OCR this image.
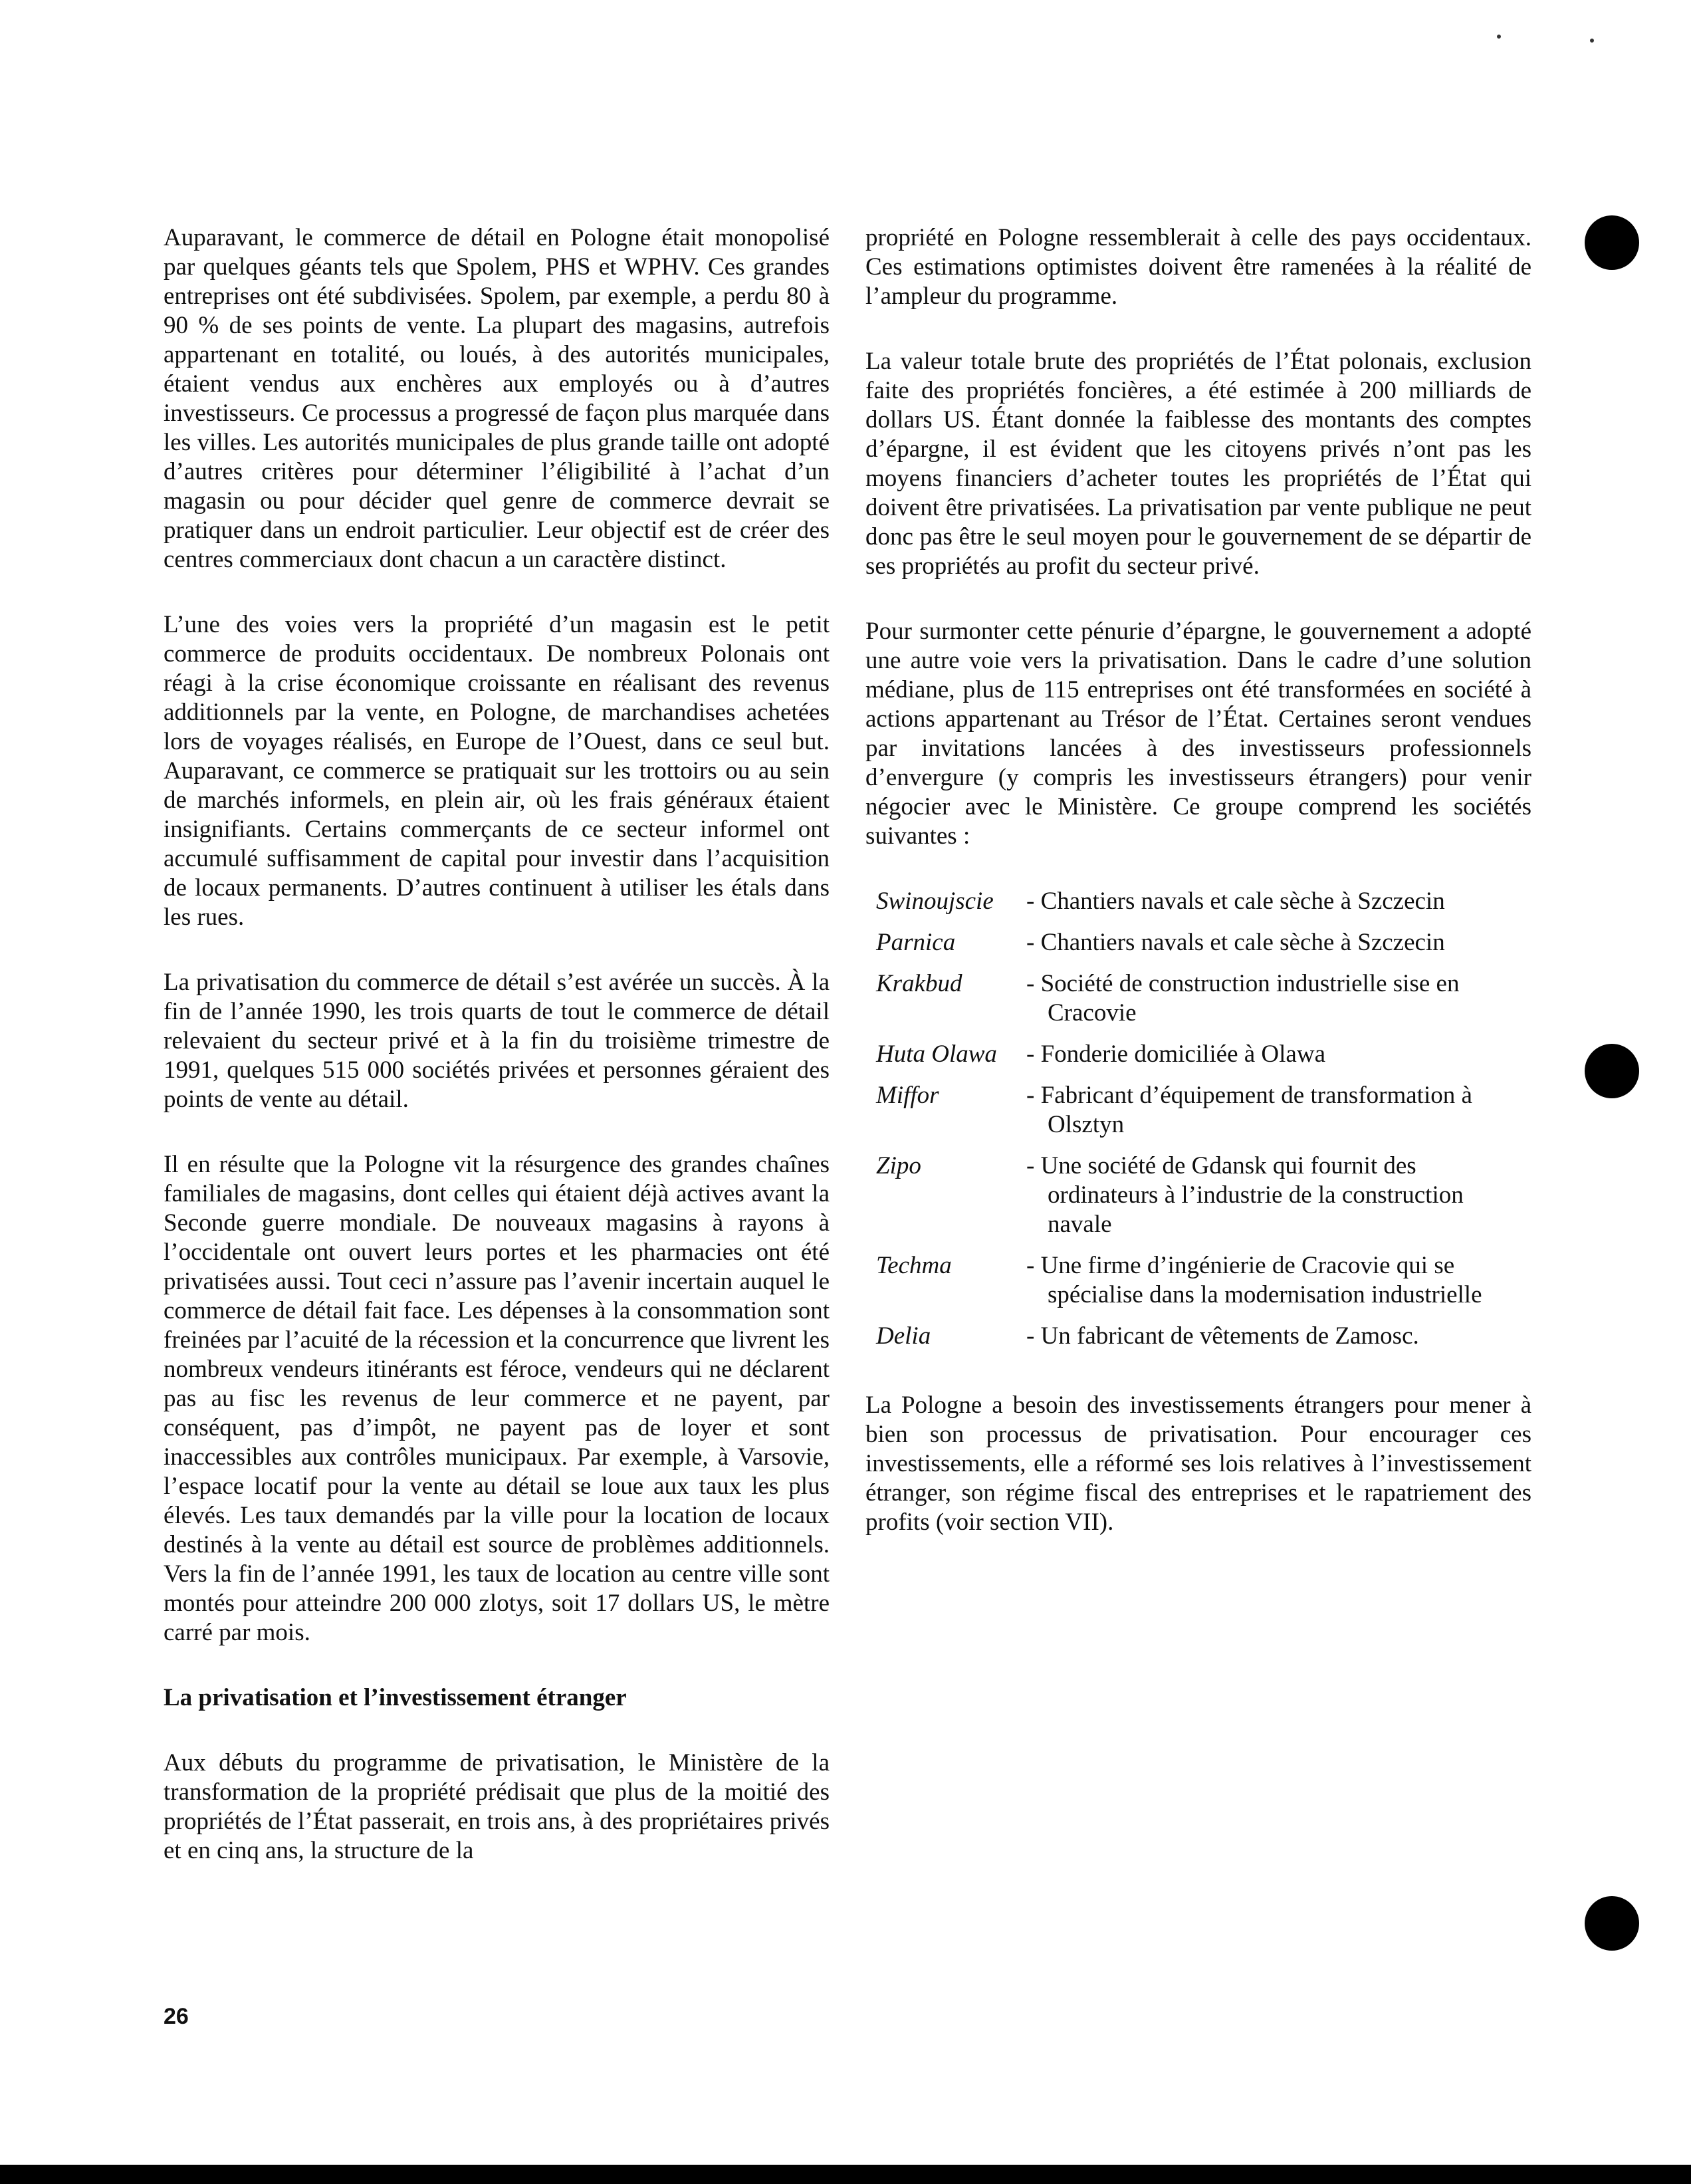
Auparavant, le commerce de détail en Pologne était monopolisé par quelques géants tels que Spolem, PHS et WPHV. Ces grandes entreprises ont été subdivisées. Spolem, par exemple, a perdu 80 à 90 % de ses points de vente. La plupart des magasins, autrefois appartenant en totalité, ou loués, à des autorités municipales, étaient vendus aux enchères aux employés ou à d’autres investisseurs. Ce processus a progressé de façon plus marquée dans les villes. Les autorités municipales de plus grande taille ont adopté d’autres critères pour déterminer l’éligibilité à l’achat d’un magasin ou pour décider quel genre de commerce devrait se pratiquer dans un endroit particulier. Leur objectif est de créer des centres commerciaux dont chacun a un caractère distinct.

L’une des voies vers la propriété d’un magasin est le petit commerce de produits occidentaux. De nombreux Polonais ont réagi à la crise économique croissante en réalisant des revenus additionnels par la vente, en Pologne, de marchandises achetées lors de voyages réalisés, en Europe de l’Ouest, dans ce seul but. Auparavant, ce commerce se pratiquait sur les trottoirs ou au sein de marchés informels, en plein air, où les frais généraux étaient insignifiants. Certains commerçants de ce secteur informel ont accumulé suffisamment de capital pour investir dans l’acquisition de locaux permanents. D’autres continuent à utiliser les étals dans les rues.

La privatisation du commerce de détail s’est avérée un succès. À la fin de l’année 1990, les trois quarts de tout le commerce de détail relevaient du secteur privé et à la fin du troisième trimestre de 1991, quelques 515 000 sociétés privées et personnes géraient des points de vente au détail.

Il en résulte que la Pologne vit la résurgence des grandes chaînes familiales de magasins, dont celles qui étaient déjà actives avant la Seconde guerre mondiale. De nouveaux magasins à rayons à l’occidentale ont ouvert leurs portes et les pharmacies ont été privatisées aussi. Tout ceci n’assure pas l’avenir incertain auquel le commerce de détail fait face. Les dépenses à la consommation sont freinées par l’acuité de la récession et la concurrence que livrent les nombreux vendeurs itinérants est féroce, vendeurs qui ne déclarent pas au fisc les revenus de leur commerce et ne payent, par conséquent, pas d’impôt, ne payent pas de loyer et sont inaccessibles aux contrôles municipaux. Par exemple, à Varsovie, l’espace locatif pour la vente au détail se loue aux taux les plus élevés. Les taux demandés par la ville pour la location de locaux destinés à la vente au détail est source de problèmes additionnels. Vers la fin de l’année 1991, les taux de location au centre ville sont montés pour atteindre 200 000 zlotys, soit 17 dollars US, le mètre carré par mois.

La privatisation et l’investissement étranger

Aux débuts du programme de privatisation, le Ministère de la transformation de la propriété prédisait que plus de la moitié des propriétés de l’État passerait, en trois ans, à des propriétaires privés et en cinq ans, la structure de la

propriété en Pologne ressemblerait à celle des pays occidentaux. Ces estimations optimistes doivent être ramenées à la réalité de l’ampleur du programme.

La valeur totale brute des propriétés de l’État polonais, exclusion faite des propriétés foncières, a été estimée à 200 milliards de dollars US. Étant donnée la faiblesse des montants des comptes d’épargne, il est évident que les citoyens privés n’ont pas les moyens financiers d’acheter toutes les propriétés de l’État qui doivent être privatisées. La privatisation par vente publique ne peut donc pas être le seul moyen pour le gouvernement de se départir de ses propriétés au profit du secteur privé.

Pour surmonter cette pénurie d’épargne, le gouvernement a adopté une autre voie vers la privatisation. Dans le cadre d’une solution médiane, plus de 115 entreprises ont été transformées en société à actions appartenant au Trésor de l’État. Certaines seront vendues par invitations lancées à des investisseurs professionnels d’envergure (y compris les investisseurs étrangers) pour venir négocier avec le Ministère. Ce groupe comprend les sociétés suivantes :

Swinoujscie	- Chantiers navals et cale sèche à Szczecin
Parnica	- Chantiers navals et cale sèche à Szczecin
Krakbud	- Société de construction industrielle sise en Cracovie
Huta Olawa	- Fonderie domiciliée à Olawa
Miffor	- Fabricant d’équipement de transformation à Olsztyn
Zipo	- Une société de Gdansk qui fournit des ordinateurs à l’industrie de la construction navale
Techma	- Une firme d’ingénierie de Cracovie qui se spécialise dans la modernisation industrielle
Delia	- Un fabricant de vêtements de Zamosc.

La Pologne a besoin des investissements étrangers pour mener à bien son processus de privatisation. Pour encourager ces investissements, elle a réformé ses lois relatives à l’investissement étranger, son régime fiscal des entreprises et le rapatriement des profits (voir section VII).

26
